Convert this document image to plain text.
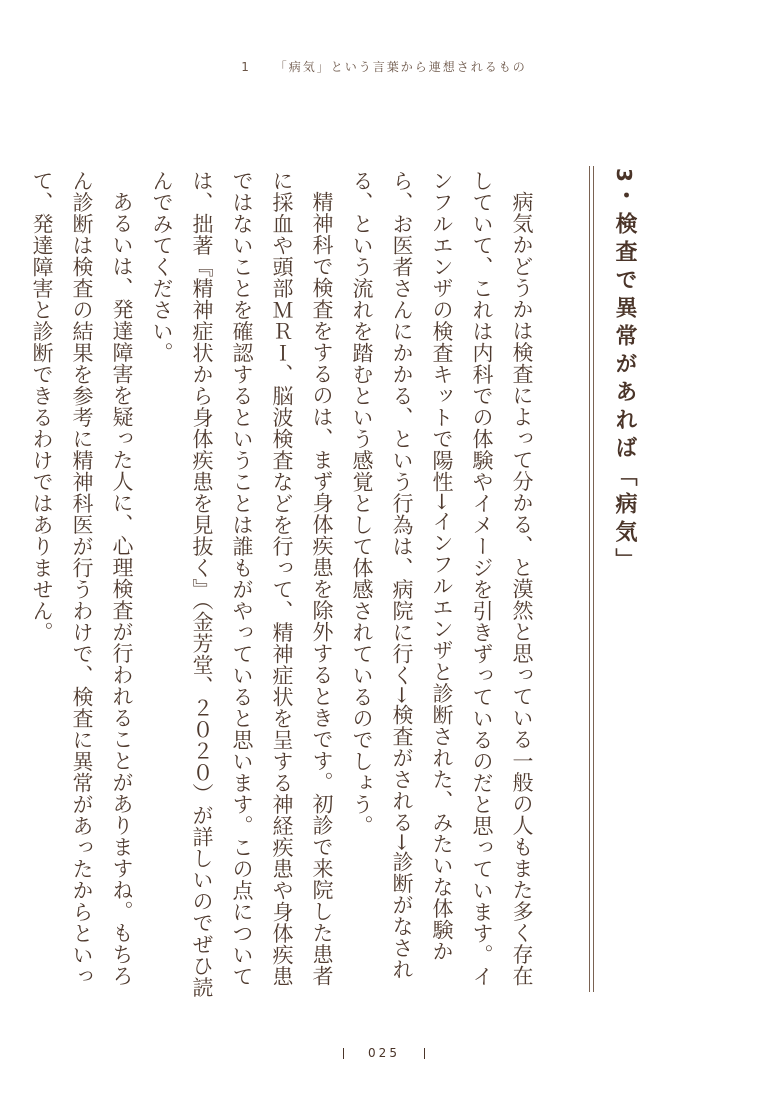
1 「病気」という言葉から連想されるもの
3・検査で異常があれば「病気」

病気かどうかは検査によって分かる、と漠然と思っている一般の人もまた多く存在していて、これは内科での体験やイメージを引きずっているのだと思っています。インフルエンザの検査キットで陽性→インフルエンザと診断された、みたいな体験から、お医者さんにかかる、という行為は、病院に行く→検査がされる→診断がなされる、という流れを踏むという感覚として体感されているのでしょう。

精神科で検査をするのは、まず身体疾患を除外するときです。初診で来院した患者に採血や頭部ＭＲＩ、脳波検査などを行って、精神症状を呈する神経疾患や身体疾患ではないことを確認するということは誰もがやっていると思います。この点については、拙著『精神症状から身体疾患を見抜く』（金芳堂、２０２０）が詳しいのでぜひ読んでみてください。

あるいは、発達障害を疑った人に、心理検査が行われることがありますね。もちろん診断は検査の結果を参考に精神科医が行うわけで、検査に異常があったからといって、発達障害と診断できるわけではありません。

025
